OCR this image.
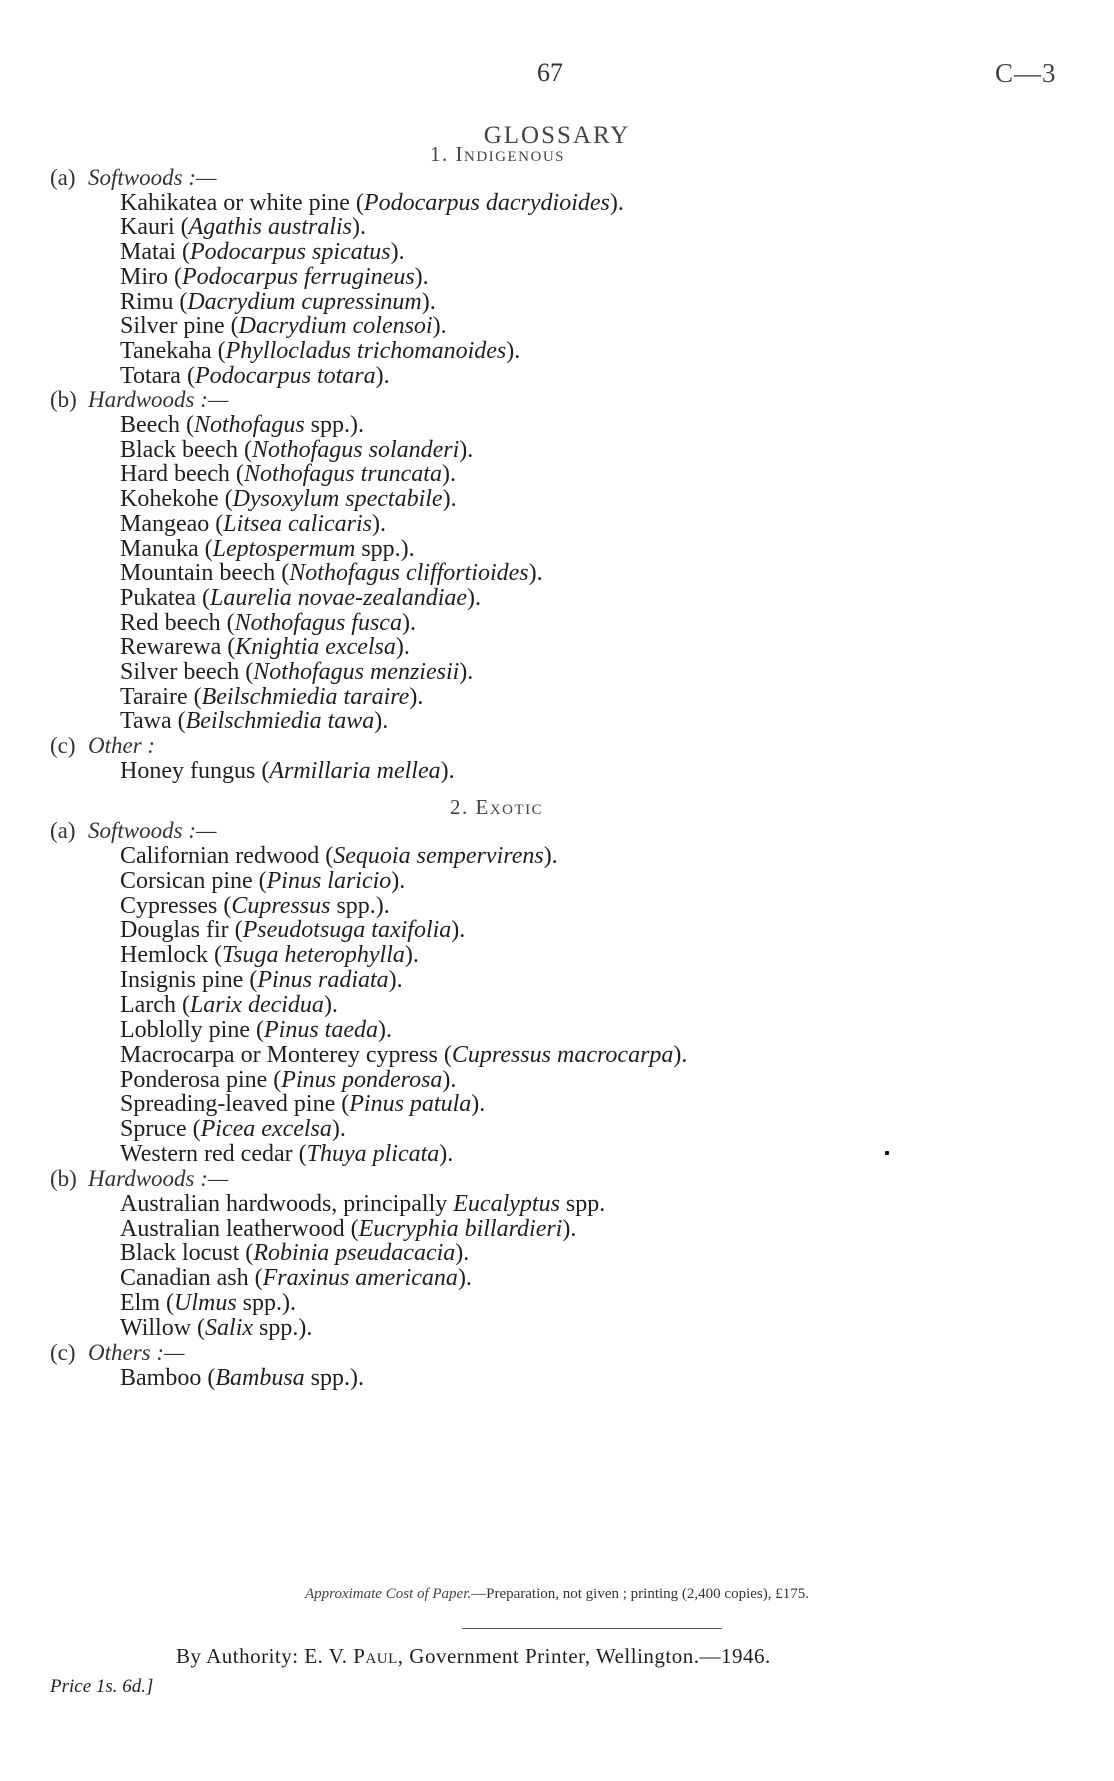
67	C—3
GLOSSARY
1. Indigenous
(a) Softwoods :—
Kahikatea or white pine (Podocarpus dacrydioides).
Kauri (Agathis australis).
Matai (Podocarpus spicatus).
Miro (Podocarpus ferrugineus).
Rimu (Dacrydium cupressinum).
Silver pine (Dacrydium colensoi).
Tanekaha (Phyllocladus trichomanoides).
Totara (Podocarpus totara).
(b) Hardwoods :—
Beech (Nothofagus spp.).
Black beech (Nothofagus solanderi).
Hard beech (Nothofagus truncata).
Kohekohe (Dysoxylum spectabile).
Mangeao (Litsea calicaris).
Manuka (Leptospermum spp.).
Mountain beech (Nothofagus cliffortioides).
Pukatea (Laurelia novae-zealandiae).
Red beech (Nothofagus fusca).
Rewarewa (Knightia excelsa).
Silver beech (Nothofagus menziesii).
Taraire (Beilschmiedia taraire).
Tawa (Beilschmiedia tawa).
(c) Other :
Honey fungus (Armillaria mellea).
2. Exotic
(a) Softwoods :—
Californian redwood (Sequoia sempervirens).
Corsican pine (Pinus laricio).
Cypresses (Cupressus spp.).
Douglas fir (Pseudotsuga taxifolia).
Hemlock (Tsuga heterophylla).
Insignis pine (Pinus radiata).
Larch (Larix decidua).
Loblolly pine (Pinus taeda).
Macrocarpa or Monterey cypress (Cupressus macrocarpa).
Ponderosa pine (Pinus ponderosa).
Spreading-leaved pine (Pinus patula).
Spruce (Picea excelsa).
Western red cedar (Thuya plicata).
(b) Hardwoods :—
Australian hardwoods, principally Eucalyptus spp.
Australian leatherwood (Eucryphia billardieri).
Black locust (Robinia pseudacacia).
Canadian ash (Fraxinus americana).
Elm (Ulmus spp.).
Willow (Salix spp.).
(c) Others :—
Bamboo (Bambusa spp.).
Approximate Cost of Paper.—Preparation, not given ; printing (2,400 copies), £175.
By Authority: E. V. Paul, Government Printer, Wellington.—1946.
Price 1s. 6d.]
